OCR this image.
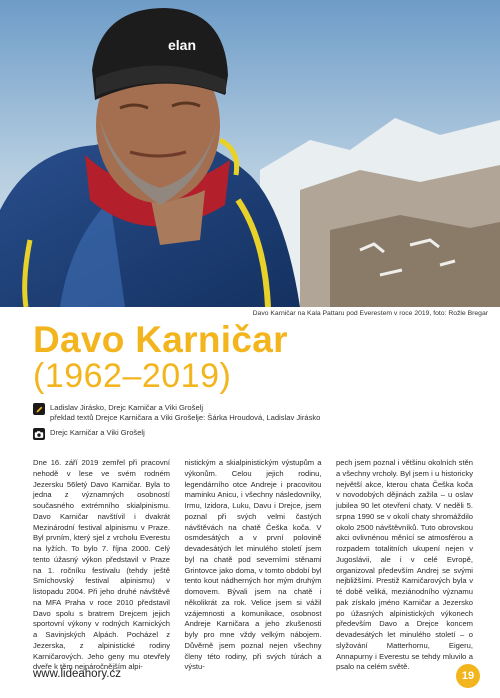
elan
Davo Karničar na Kala Pattaru pod Everestem v roce 2019, foto: Rožle Bregar
Davo Karničar
(1962–2019)
Ladislav Jirásko, Drejc Karničar a Viki Grošelj
překlad textů Drejce Karničara a Viki Grošelje: Šárka Hroudová, Ladislav Jirásko
Drejc Karničar a Viki Grošelj
Dne 16. září 2019 zemřel při pracovní nehodě v lese ve svém rodném Jezersku 56letý Davo Karničar. Byla to jedna z významných osobností současného extrémního skialpinismu. Davo Karničar navštívil i dvakrát Mezinárodní festival alpinismu v Praze. Byl prvním, který sjel z vrcholu Everestu na lyžích. To bylo 7. října 2000. Celý tento úžasný výkon představil v Praze na 1. ročníku festivalu (tehdy ještě Smíchovský festival alpinismu) v listopadu 2004. Při jeho druhé návštěvě na MFA Praha v roce 2010 představil Davo spolu s bratrem Drejcem jejich sportovní výkony v rodných Karnických a Savinjských Alpách. Pocházel z Jezerska, z alpinistické rodiny Karničarových. Jeho geny mu otevřely dveře k těm nejnáročnějším alpi-
nistickým a skialpinistickým výstupům a výkonům. Celou jejich rodinu, legendárního otce Andreje i pracovitou maminku Anicu, i všechny následovníky, Irmu, Izidora, Luku, Davu i Drejce, jsem poznal při svých velmi častých návštěvách na chatě Češka koča. V osmdesátých a v první polovině devadesátých let minulého století jsem byl na chatě pod severními stěnami Grintovce jako doma, v tomto období byl tento kout nádherných hor mým druhým domovem. Bývali jsem na chatě i několikrát za rok. Velice jsem si vážil vzájemnosti a komunikace, osobnost Andreje Karničara a jeho zkušenosti byly pro mne vždy velkým nábojem. Důvěrně jsem poznal nejen všechny členy této rodiny, při svých túrách a výstu-
pech jsem poznal i většinu okolních stěn a všechny vrcholy. Byl jsem i u historicky největší akce, kterou chata Češka koča v novodobých dějinách zažila – u oslav jubilea 90 let otevření chaty. V neděli 5. srpna 1990 se v okolí chaty shromáždilo okolo 2500 návštěvníků. Tuto obrovskou akci ovlivnénou měnící se atmosférou a rozpadem totalitních ukupení nejen v Jugoslávii, ale i v celé Evropě, organizoval především Andrej se svými nejbližšími. Prestiž Karničarových byla v té době veliká, meziánodního významu pak získalo jméno Karničar a Jezersko po úžasných alpinistických výkonech především Davo a Drejce koncem devadesátých let minulého století – o slyžování Matterhornu, Eigeru, Annapurny i Everestu se tehdy mluvilo a psalo na celém světě.
www.lideahory.cz	19
